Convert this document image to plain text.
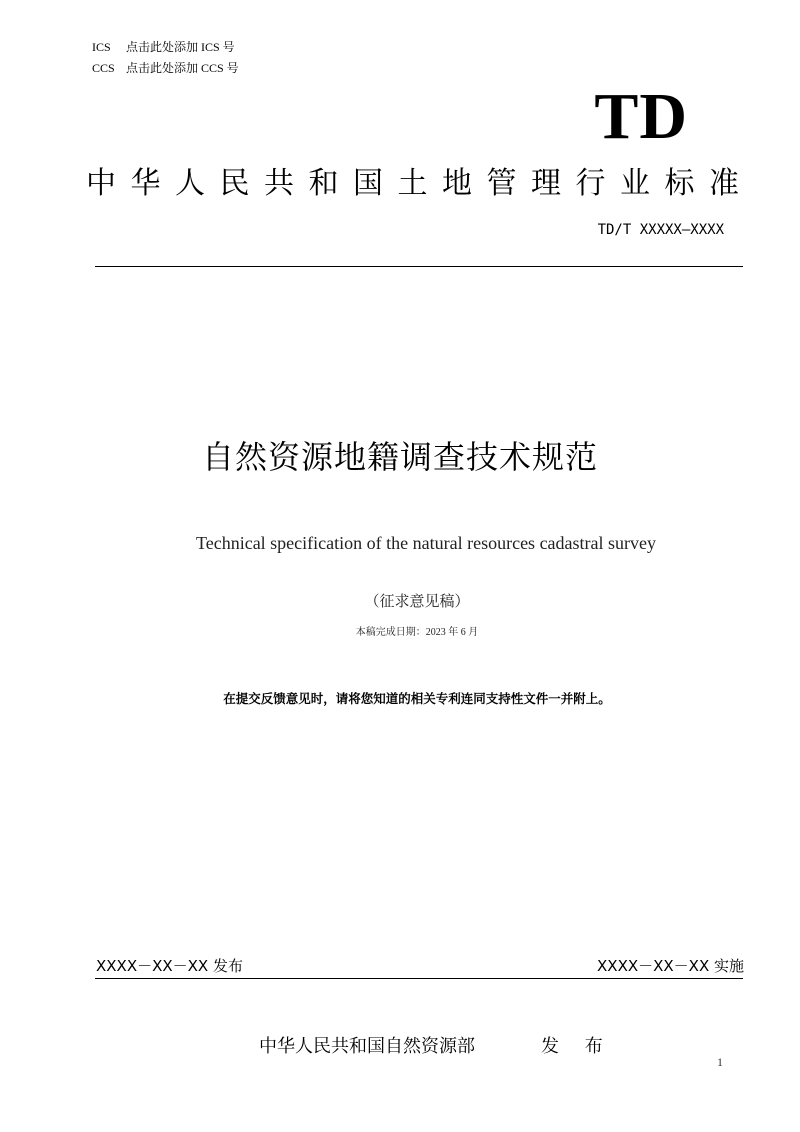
ICS 点击此处添加 ICS 号
CCS 点击此处添加 CCS 号
TD
中华人民共和国土地管理行业标准
TD/T XXXXX—XXXX
自然资源地籍调查技术规范
Technical specification of the natural resources cadastral survey
（征求意见稿）
本稿完成日期：2023 年 6 月
在提交反馈意见时，请将您知道的相关专利连同支持性文件一并附上。
XXXX－XX－XX 发布	XXXX－XX－XX 实施
中华人民共和国自然资源部	发 布
1
